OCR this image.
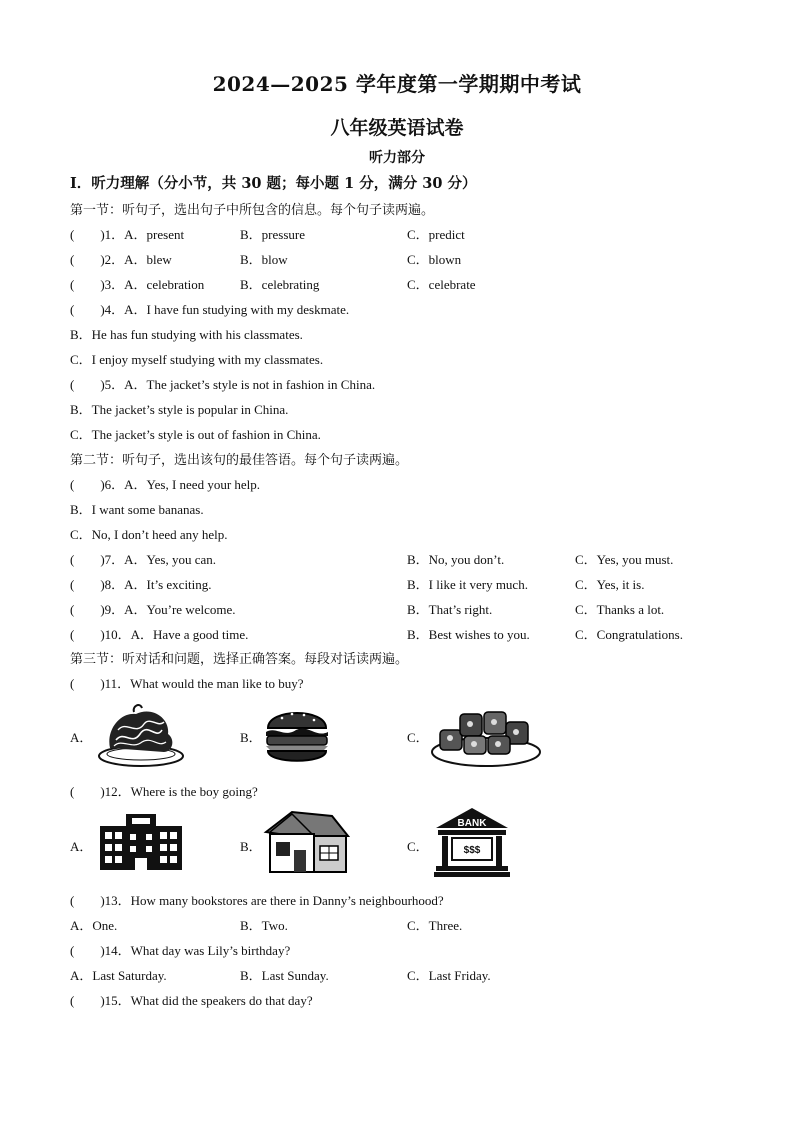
2024—2025 学年度第一学期期中考试
八年级英语试卷
听力部分
Ⅰ．听力理解（分小节，共 30 题；每小题 1 分，满分 30 分）
第一节：听句子，选出句子中所包含的信息。每个句子读两遍。
(　　)1．A．present	B．pressure	C．predict
(　　)2．A．blew	B．blow	C．blown
(　　)3．A．celebration	B．celebrating	C．celebrate
(　　)4．A．I have fun studying with my deskmate.
B．He has fun studying with his classmates.
C．I enjoy myself studying with my classmates.
(　　)5．A．The jacket’s style is not in fashion in China.
B．The jacket’s style is popular in China.
C．The jacket’s style is out of fashion in China.
第二节：听句子，选出该句的最佳答语。每个句子读两遍。
(　　)6．A．Yes, I need your help.
B．I want some bananas.
C．No, I don’t heed any help.
(　　)7．A．Yes, you can.	B．No, you don’t.	C．Yes, you must.
(　　)8．A．It’s exciting.	B．I like it very much.	C．Yes, it is.
(　　)9．A．You’re welcome.	B．That’s right.	C．Thanks a lot.
(　　)10．A．Have a good time.	B．Best wishes to you.	C．Congratulations.
第三节：听对话和问题，选择正确答案。每段对话读两遍。
(　　)11．What would the man like to buy?
A．	B．	C．
(　　)12．Where is the boy going?
A．	B．	C．
BANK
$$$
(　　)13．How many bookstores are there in Danny’s neighbourhood?
A．One.	B．Two.	C．Three.
(　　)14．What day was Lily’s birthday?
A．Last Saturday.	B．Last Sunday.	C．Last Friday.
(　　)15．What did the speakers do that day?
